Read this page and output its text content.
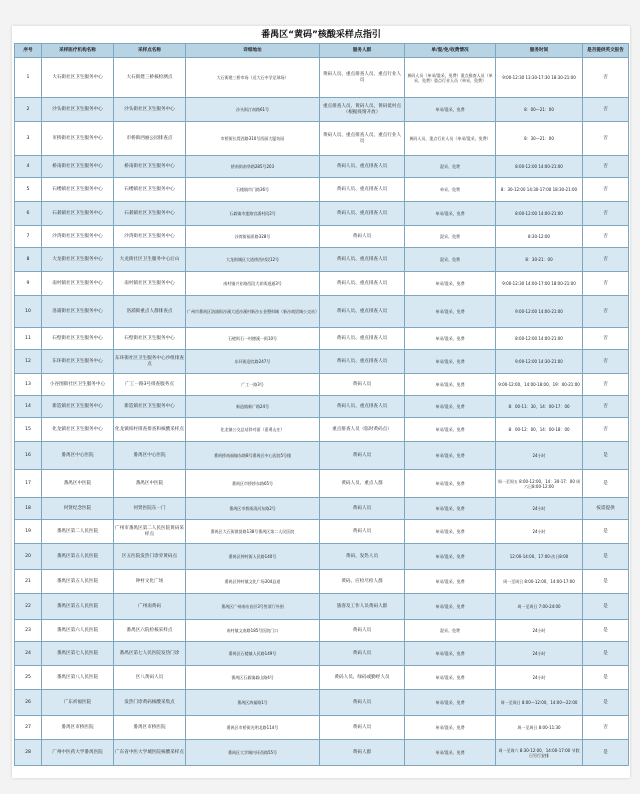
番禺区“黄码”核酸采样点指引
序号	采样医疗机构名称	采样点名称	详细地址	服务人群	单/混/免/收费情况	服务时间	是否提供英文报告
1	大石街社区卫生服务中心	大石街建三桥核检测点	大石街建三桥市场（近大石中学足球场）	黄码人员、重点排查人员、重点行业人员	黄码人员（单采/混采，免费）重点排查人员（单采，免费）重点行业人员（单采，免费）	9:00-12:30 13:30-17:30 18:30-21:00	否
2	沙头街社区卫生服务中心	沙头街社区卫生服务中心	沙头街汀南路61号	重点排查人员、黄码人员、黄码低村点（根据疫情开放）	单采/混采、免费	8：00—21：00	否
3	市桥街社区卫生服务中心	市桥街西丽公园排查点	市桥街长堤西路310号西丽大厦坊园	黄码人员、重点排查人员、重点行业人员	黄码人员、重点行业人员（单采/混采，免费）	8：30—21：00	否
4	桥南街社区卫生服务中心	桥南街社区卫生服务中心	桥南街南华路285号203	黄码人员、重点排查人员	混采、免费	8:00-12:00 14:00-21:00	否
5	石楼镇社区卫生服务中心	石楼镇社区卫生服务中心	石楼镇市门路36号	黄码人员、重点排查人员	单采、免费	8：30-12:00 14:30-17:00 18:30-21:00	否
6	石碁镇社区卫生服务中心	石碁镇社区卫生服务中心	石碁镇市莲路官涌村段2号	黄码人员、重点排查人员	单采/混采、免费	8:00-12:00 14:00-21:00	否
7	沙湾街社区卫生服务中心	沙湾街社区卫生服务中心	沙湾街福景路328号	黄码人员	混采、免费	8:30-12:00	否
8	大龙街社区卫生服务中心	大龙街社区卫生服务中心后山	大龙街城区大道傍西村段12号	黄码人员、重点排查人员	混采、免费	8：30-21：00	否
9	南村镇社区卫生服务中心	南村镇社区卫生服务中心	南村镇兴业路西段大祥街道通3号	黄码人员、重点排查人员	单采/混采、免费	9:00-12:30 14:00-17:00 18:00-21:00	否
10	洛浦街社区卫生服务中心	洛浦街重点人群排查点	广州市番禺区洛浦街沙溪大道沙溪村新沙五金塑料城（新沙商贸城公交站）	黄码人员、重点排查人员	单采/混采、免费	9:00-12:00 14:00-21:00	否
11	石壁街社区卫生服务中心	石壁街社区卫生服务中心	石壁街石一村德溪一街10号	黄码人员、重点排查人员	单采/混采、免费	8:00-12:00 14:00-21:00	否
12	东环街社区卫生服务中心	东环街社区卫生服务中心沙组排查点	东环街迎宾路247号	黄码人员、重点排查人员	单采/混采、免费	9:00-12:00 14:30-21:00	否
13	小谷围街社区卫生服务中心	广工一路3号排查服务点	广工一路3号	黄码人员	单采/混采、免费	9:00-12:00、14:00-18:00、19：00-21:00	否
14	新造镇社区卫生服务中心	新造镇社区卫生服务中心	新造镇新广路24号	黄码人员、重点排查人员	单采/混采、免费	8：00-11：30、14：00-17：00	否
15	化龙镇社区卫生服务中心	化龙镇柏村排查排查和核酸采样点	化龙镇公交总站斜对面（嘉勇山庄）	重点排查人员（临时黄码点）	单采/混采、免费	8：00-12：00、14：00-18：00	否
16	番禺区中心医院	番禺区中心医院	番禺桥南福愉东路8号番禺区中心医院5号楼	黄码人员	单采/混采、免费	24小时	是
17	番禺区中医院	番禺区中医院	番禺区市桥桥东路65号	黄码人员、重点人群	单采/混采、免费	周一至周五 8:00-12:00，14：30-17：00 周六日8:00-12:00	是
18	何贤纪念医院	何贤医院东一门	番禺区市桥街清河东路2号	黄码人员	单采/混采、免费	24小时	按需提供
19	番禺区第二人民医院	广州市番禺区第二人民医院黄码采样点	番禺区大石街群贤路138号番禺区第二人民医院	黄码人员	单采/混采、免费	24小时	是
20	番禺区第五人民医院	区五医院发热门诊旁黄码点	番禺区钟村街人民路140号	黄码、发热人员	单采/混采、免费	12:00-14:00、17:00-次日8:00	是
21	番禺区第五人民医院	钟村文化广场	番禺区钟村镇文化广场304县道	黄码、应检尽检人群	单采/混采、免费	周一至周日 8:00-12:00，14:00-17:00	是
22	番禺区第五人民医院	广州南黄码	番禺区广州南站首层3号售票厅外围	旅客及工作人员黄码人群	单采/混采、免费	周一至周日 7:00-24:00	是
23	番禺区第六人民医院	番禺区六院检核采样点	南村镇文南路185号医院门口	黄码人员	混采、免费	24小时	是
24	番禺区第七人民医院	番禺区第七人民医院发热门诊	番禺区石楼镇人民路149号	黄码人员	单采/混采、免费	24小时	是
25	番禺区第八人民医院	区八黄码人员	番禺区石碁镇碁山路4号	黄码人员、绿码或勤经人员	单采/混采、免费	24小时	是
26	广东祈福医院	发热门诊黄码核酸采集点	番禺区鸿福路1号	黄码人员	单采/混采、免费	周一至周日 8:00—12:00，14:00—22:00	是
27	番禺区市桥医院	番禺区市桥医院	番禺区市桥街光明北路114号	黄码人员	单采/混采、免费	周一至周日 8:00-11:30	否
28	广州中医药大学番禺医院	广东省中医大学城医院核酸采样点	番禺区大学城内环西路55号	黄码人群	单采/混采、免费	周一至周六 8:30-12:00、14:00-17:00 节假日另行安排	是
